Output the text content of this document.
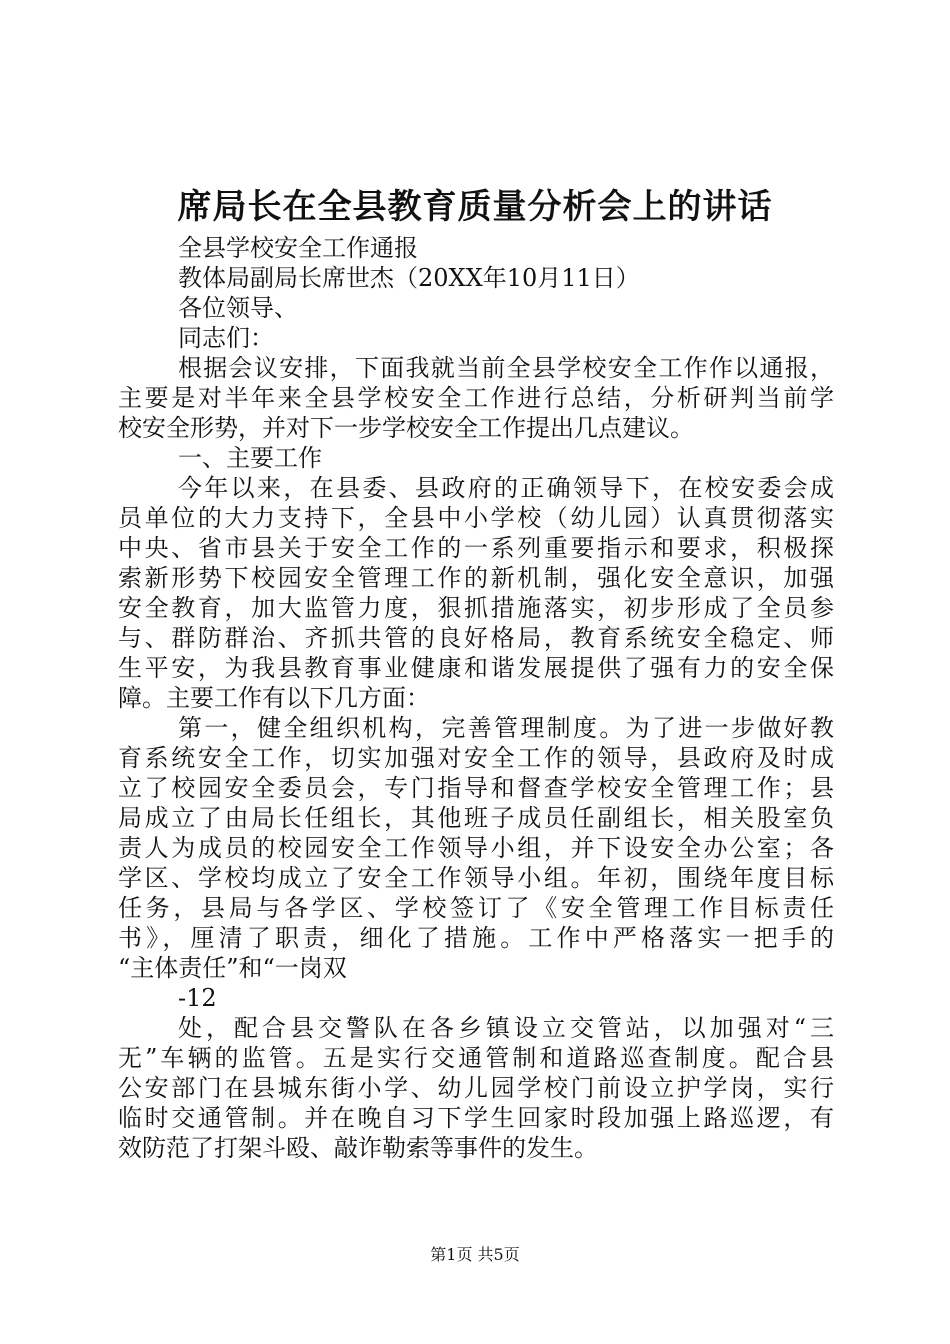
席局长在全县教育质量分析会上的讲话
全县学校安全工作通报
教体局副局长席世杰（20XX年10月11日）
各位领导、
同志们：
根据会议安排，下面我就当前全县学校安全工作作以通报，
主要是对半年来全县学校安全工作进行总结，分析研判当前学
校安全形势，并对下一步学校安全工作提出几点建议。
一、主要工作
今年以来，在县委、县政府的正确领导下，在校安委会成
员单位的大力支持下，全县中小学校（幼儿园）认真贯彻落实
中央、省市县关于安全工作的一系列重要指示和要求，积极探
索新形势下校园安全管理工作的新机制，强化安全意识，加强
安全教育，加大监管力度，狠抓措施落实，初步形成了全员参
与、群防群治、齐抓共管的良好格局，教育系统安全稳定、师
生平安，为我县教育事业健康和谐发展提供了强有力的安全保
障。主要工作有以下几方面：
第一，健全组织机构，完善管理制度。为了进一步做好教
育系统安全工作，切实加强对安全工作的领导，县政府及时成
立了校园安全委员会，专门指导和督查学校安全管理工作；县
局成立了由局长任组长，其他班子成员任副组长，相关股室负
责人为成员的校园安全工作领导小组，并下设安全办公室；各
学区、学校均成立了安全工作领导小组。年初，围绕年度目标
任务，县局与各学区、学校签订了《安全管理工作目标责任
书》，厘清了职责，细化了措施。工作中严格落实一把手的
“主体责任”和“一岗双
-12
处，配合县交警队在各乡镇设立交管站，以加强对“三
无”车辆的监管。五是实行交通管制和道路巡查制度。配合县
公安部门在县城东街小学、幼儿园学校门前设立护学岗，实行
临时交通管制。并在晚自习下学生回家时段加强上路巡逻，有
效防范了打架斗殴、敲诈勒索等事件的发生。
第1页 共5页
